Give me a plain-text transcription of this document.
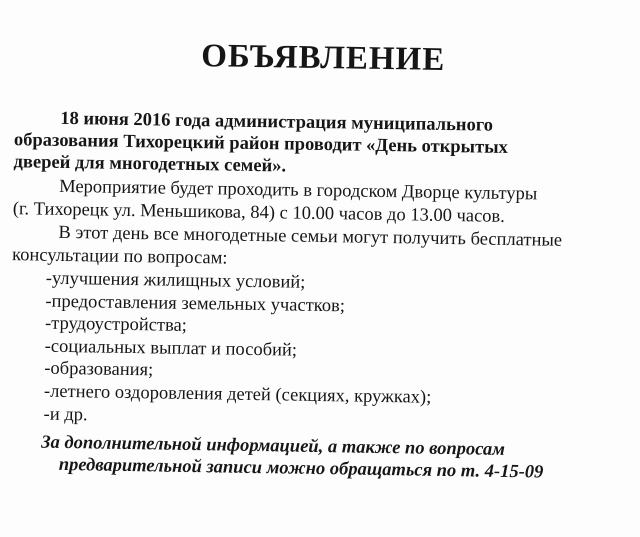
ОБЪЯВЛЕНИЕ
18 июня 2016 года администрация муниципального
образования Тихорецкий район проводит «День открытых
дверей для многодетных семей».
Мероприятие будет проходить в городском Дворце культуры
(г. Тихорецк ул. Меньшикова, 84) с 10.00 часов до 13.00 часов.
В этот день все многодетные семьи могут получить бесплатные
консультации по вопросам:
-улучшения жилищных условий;
-предоставления земельных участков;
-трудоустройства;
-социальных выплат и пособий;
-образования;
-летнего оздоровления детей (секциях, кружках);
-и др.
За дополнительной информацией, а также по вопросам
предварительной записи можно обращаться по т. 4-15-09
